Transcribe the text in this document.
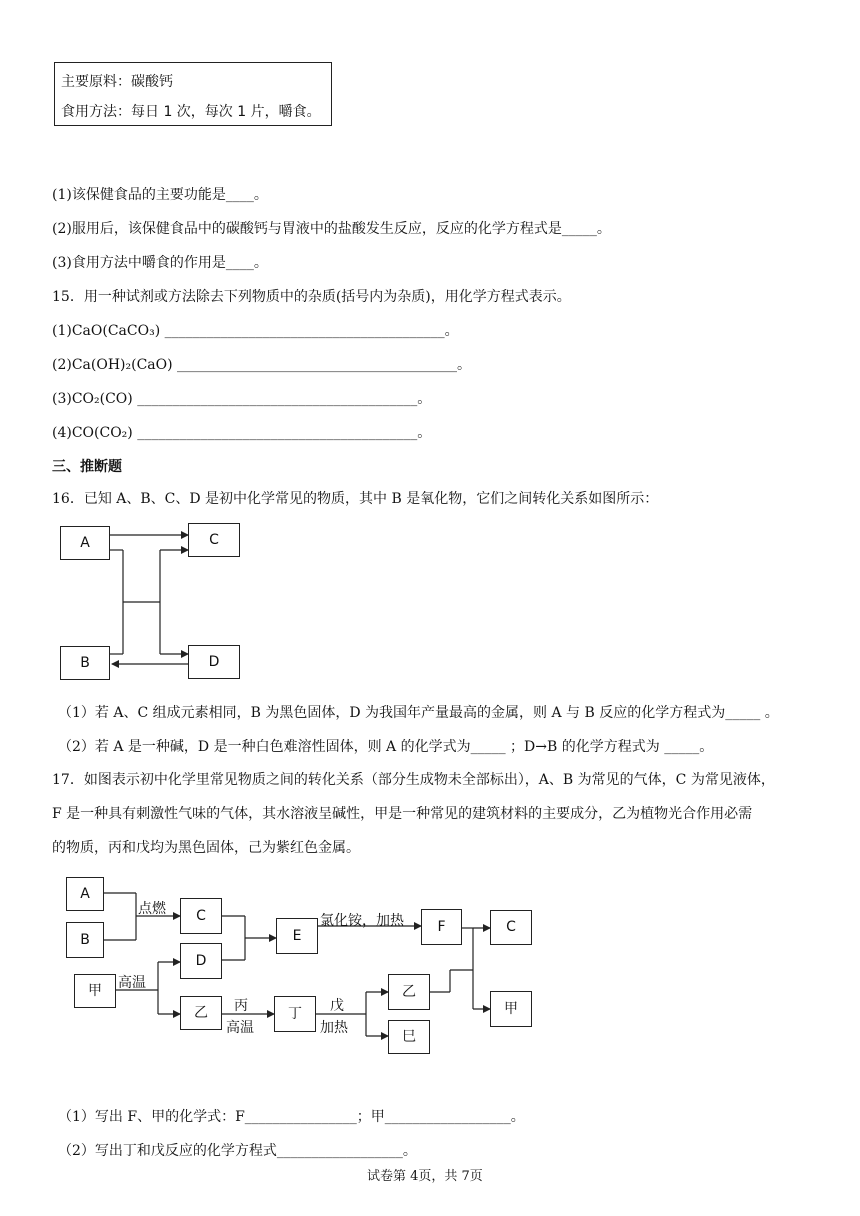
主要原料：碳酸钙
食用方法：每日 1 次，每次 1 片，嚼食。
(1)该保健食品的主要功能是____。
(2)服用后，该保健食品中的碳酸钙与胃液中的盐酸发生反应，反应的化学方程式是_____。
(3)食用方法中嚼食的作用是____。
15．用一种试剂或方法除去下列物质中的杂质(括号内为杂质)，用化学方程式表示。
(1)CaO(CaCO₃) ________________________________________。
(2)Ca(OH)₂(CaO) ________________________________________。
(3)CO₂(CO) ________________________________________。
(4)CO(CO₂) ________________________________________。
三、推断题
16．已知 A、B、C、D 是初中化学常见的物质，其中 B 是氧化物，它们之间转化关系如图所示：
A	C
B	D
（1）若 A、C 组成元素相同，B 为黑色固体，D 为我国年产量最高的金属，则 A 与 B 反应的化学方程式为_____ 。
（2）若 A 是一种碱，D 是一种白色难溶性固体，则 A 的化学式为_____ ；D→B 的化学方程式为 _____。
17．如图表示初中化学里常见物质之间的转化关系（部分生成物未全部标出），A、B 为常见的气体，C 为常见液体，
F 是一种具有刺激性气味的气体，其水溶液呈碱性，甲是一种常见的建筑材料的主要成分，乙为植物光合作用必需
的物质，丙和戊均为黑色固体，己为紫红色金属。
A
B
C
D
E
F	C
甲
乙	丁
乙
巳
甲
点燃
氯化铵，加热
高温
丙
高温
戊
加热
（1）写出 F、甲的化学式：F________________；甲__________________。
（2）写出丁和戊反应的化学方程式__________________。
试卷第 4页，共 7页
